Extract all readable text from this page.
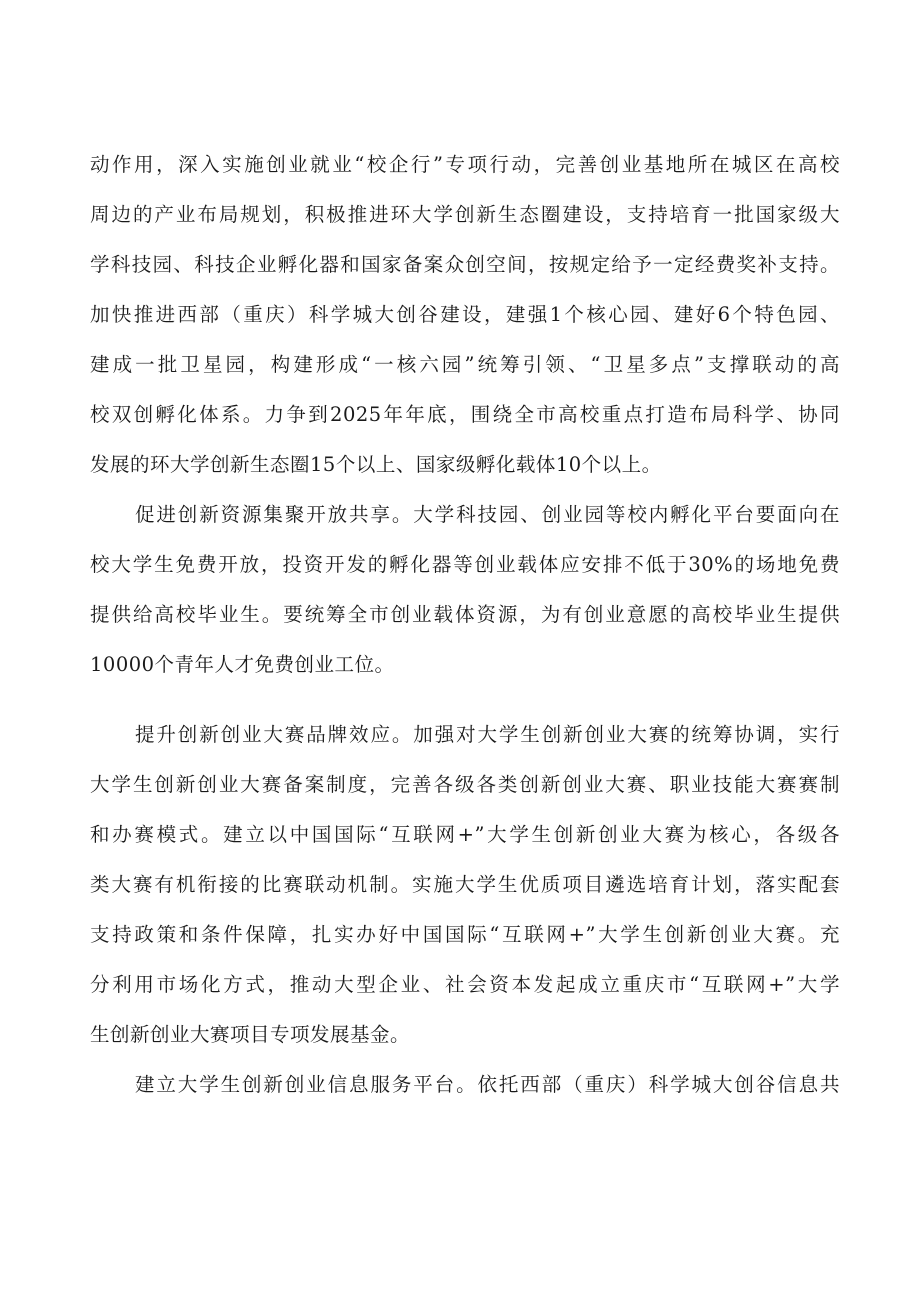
动作用，深入实施创业就业“校企行”专项行动，完善创业基地所在城区在高校
周边的产业布局规划，积极推进环大学创新生态圈建设，支持培育一批国家级大
学科技园、科技企业孵化器和国家备案众创空间，按规定给予一定经费奖补支持。
加快推进西部（重庆）科学城大创谷建设，建强1个核心园、建好6个特色园、
建成一批卫星园，构建形成“一核六园”统筹引领、“卫星多点”支撑联动的高
校双创孵化体系。力争到2025年年底，围绕全市高校重点打造布局科学、协同
发展的环大学创新生态圈15个以上、国家级孵化载体10个以上。
促进创新资源集聚开放共享。大学科技园、创业园等校内孵化平台要面向在
校大学生免费开放，投资开发的孵化器等创业载体应安排不低于30%的场地免费
提供给高校毕业生。要统筹全市创业载体资源，为有创业意愿的高校毕业生提供
10000个青年人才免费创业工位。
提升创新创业大赛品牌效应。加强对大学生创新创业大赛的统筹协调，实行
大学生创新创业大赛备案制度，完善各级各类创新创业大赛、职业技能大赛赛制
和办赛模式。建立以中国国际“互联网+”大学生创新创业大赛为核心，各级各
类大赛有机衔接的比赛联动机制。实施大学生优质项目遴选培育计划，落实配套
支持政策和条件保障，扎实办好中国国际“互联网+”大学生创新创业大赛。充
分利用市场化方式，推动大型企业、社会资本发起成立重庆市“互联网+”大学
生创新创业大赛项目专项发展基金。
建立大学生创新创业信息服务平台。依托西部（重庆）科学城大创谷信息共
